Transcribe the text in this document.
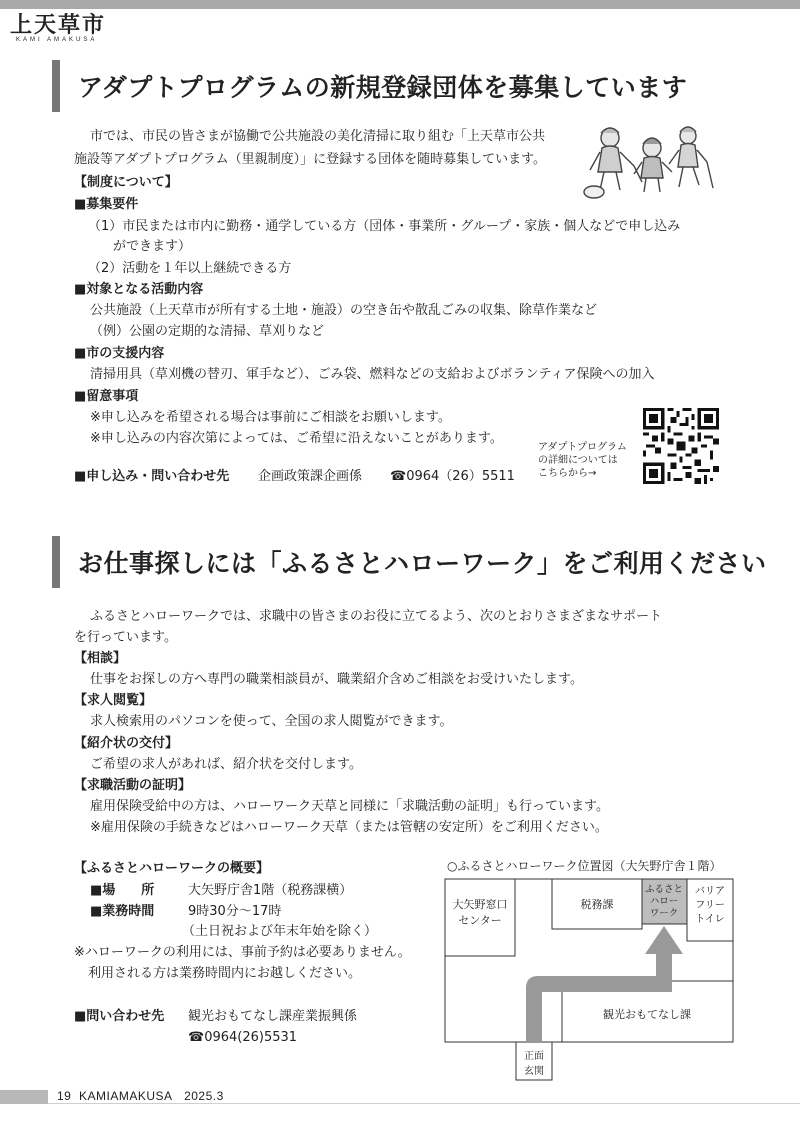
上天草市
KAMI AMAKUSA
アダプトプログラムの新規登録団体を募集しています
市では、市民の皆さまが協働で公共施設の美化清掃に取り組む「上天草市公共
施設等アダプトプログラム（里親制度）」に登録する団体を随時募集しています。
【制度について】
■募集要件
（1）市民または市内に勤務・通学している方（団体・事業所・グループ・家族・個人などで申し込み
ができます）
（2）活動を１年以上継続できる方
■対象となる活動内容
公共施設（上天草市が所有する土地・施設）の空き缶や散乱ごみの収集、除草作業など
（例）公園の定期的な清掃、草刈りなど
■市の支援内容
清掃用具（草刈機の替刃、軍手など）、ごみ袋、燃料などの支給およびボランティア保険への加入
■留意事項
※申し込みを希望される場合は事前にご相談をお願いします。
※申し込みの内容次第によっては、ご希望に沿えないことがあります。
■申し込み・問い合わせ先 企画政策課企画係 ☎0964（26）5511
アダプトプログラム
の詳細については
こちらから→
お仕事探しには「ふるさとハローワーク」をご利用ください
ふるさとハローワークでは、求職中の皆さまのお役に立てるよう、次のとおりさまざまなサポート
を行っています。
【相談】
仕事をお探しの方へ専門の職業相談員が、職業紹介含めご相談をお受けいたします。
【求人閲覧】
求人検索用のパソコンを使って、全国の求人閲覧ができます。
【紹介状の交付】
ご希望の求人があれば、紹介状を交付します。
【求職活動の証明】
雇用保険受給中の方は、ハローワーク天草と同様に「求職活動の証明」も行っています。
※雇用保険の手続きなどはハローワーク天草（または管轄の安定所）をご利用ください。
【ふるさとハローワークの概要】
■場　　所	大矢野庁舎1階（税務課横）
■業務時間	9時30分～17時
（土日祝および年末年始を除く）
※ハローワークの利用には、事前予約は必要ありません。
利用される方は業務時間内にお越しください。
■問い合わせ先 観光おもてなし課産業振興係
☎0964(26)5531
○ふるさとハローワーク位置図（大矢野庁舎１階）
大矢野窓口
センター
税務課
ふるさと
ハロー
ワーク
バリア
フリー
トイレ
観光おもてなし課
正面
玄関
19 KAMIAMAKUSA 2025.3
